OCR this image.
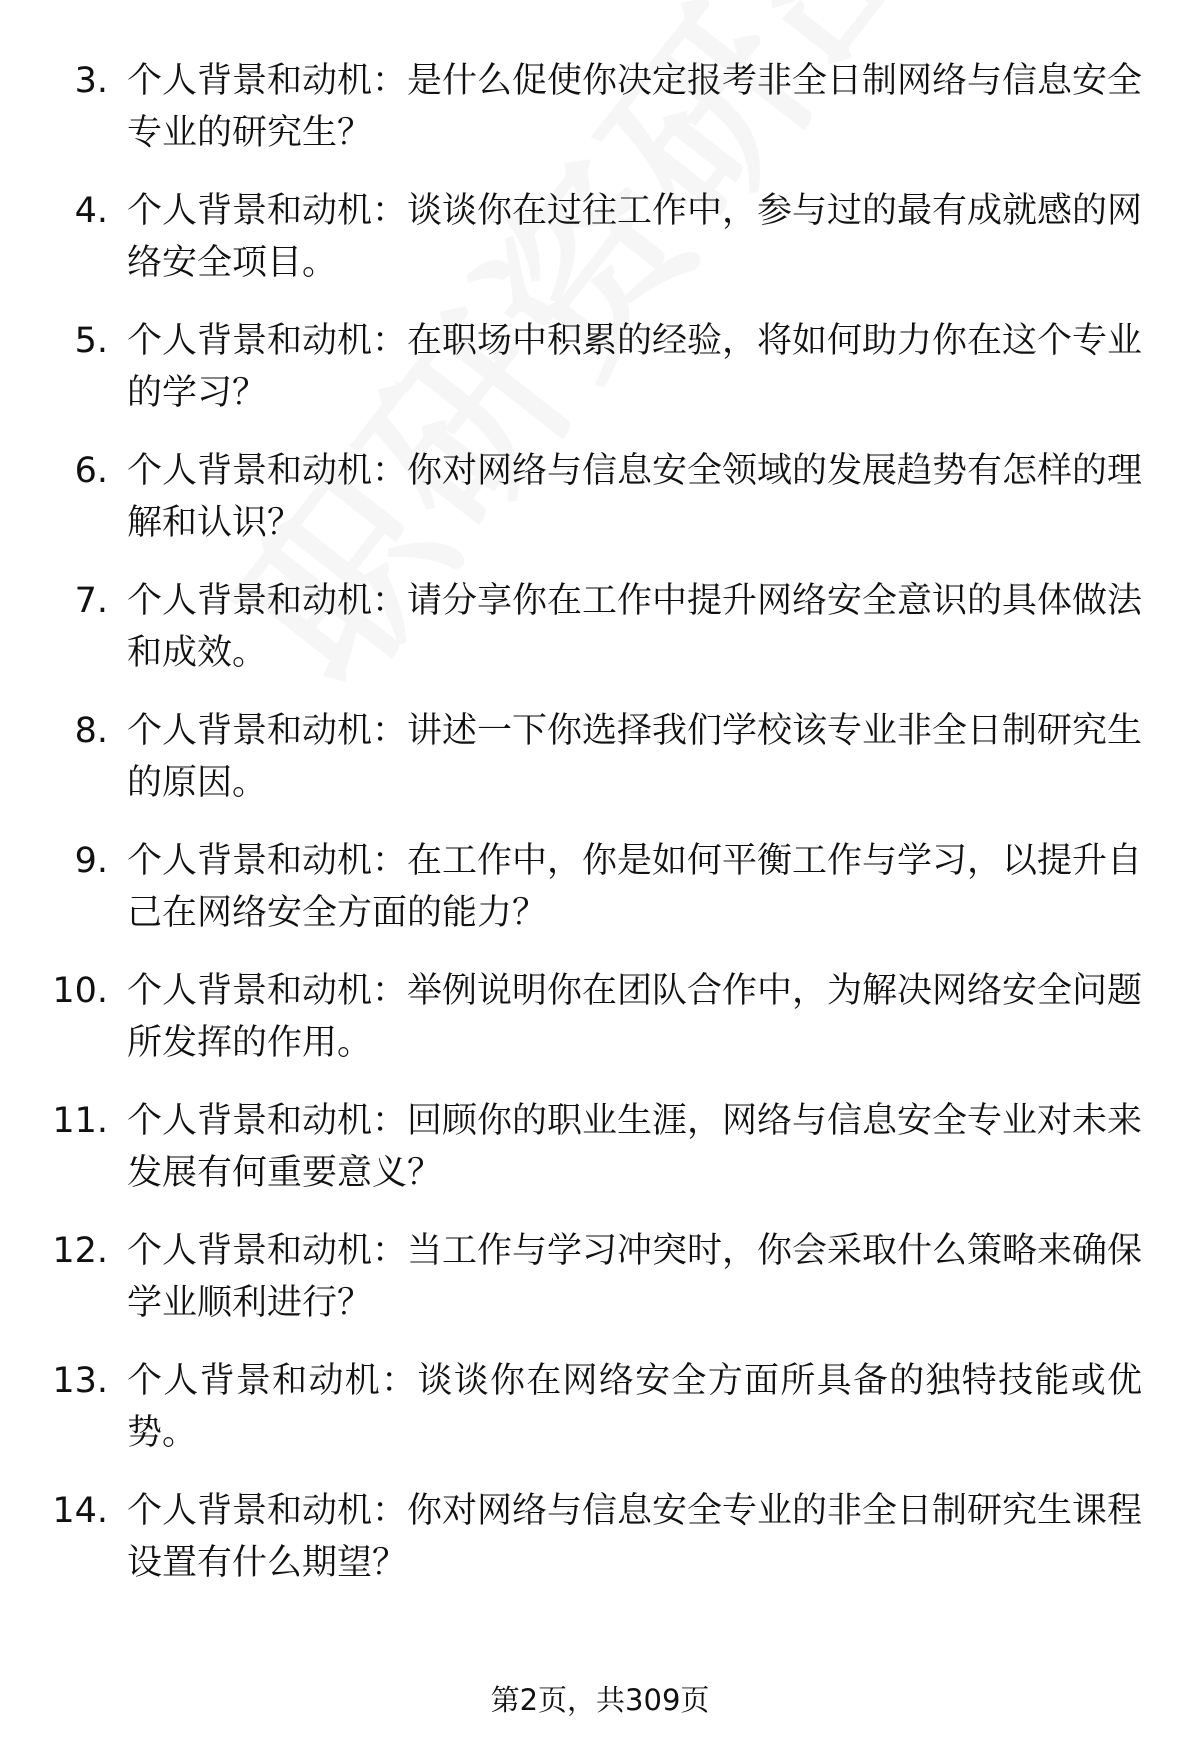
3. 个人背景和动机：是什么促使你决定报考非全日制网络与信息安全专业的研究生？
4. 个人背景和动机：谈谈你在过往工作中，参与过的最有成就感的网络安全项目。
5. 个人背景和动机：在职场中积累的经验，将如何助力你在这个专业的学习？
6. 个人背景和动机：你对网络与信息安全领域的发展趋势有怎样的理解和认识？
7. 个人背景和动机：请分享你在工作中提升网络安全意识的具体做法和成效。
8. 个人背景和动机：讲述一下你选择我们学校该专业非全日制研究生的原因。
9. 个人背景和动机：在工作中，你是如何平衡工作与学习，以提升自己在网络安全方面的能力？
10. 个人背景和动机：举例说明你在团队合作中，为解决网络安全问题所发挥的作用。
11. 个人背景和动机：回顾你的职业生涯，网络与信息安全专业对未来发展有何重要意义？
12. 个人背景和动机：当工作与学习冲突时，你会采取什么策略来确保学业顺利进行？
13. 个人背景和动机：谈谈你在网络安全方面所具备的独特技能或优势。
14. 个人背景和动机：你对网络与信息安全专业的非全日制研究生课程设置有什么期望？
第2页，共309页
